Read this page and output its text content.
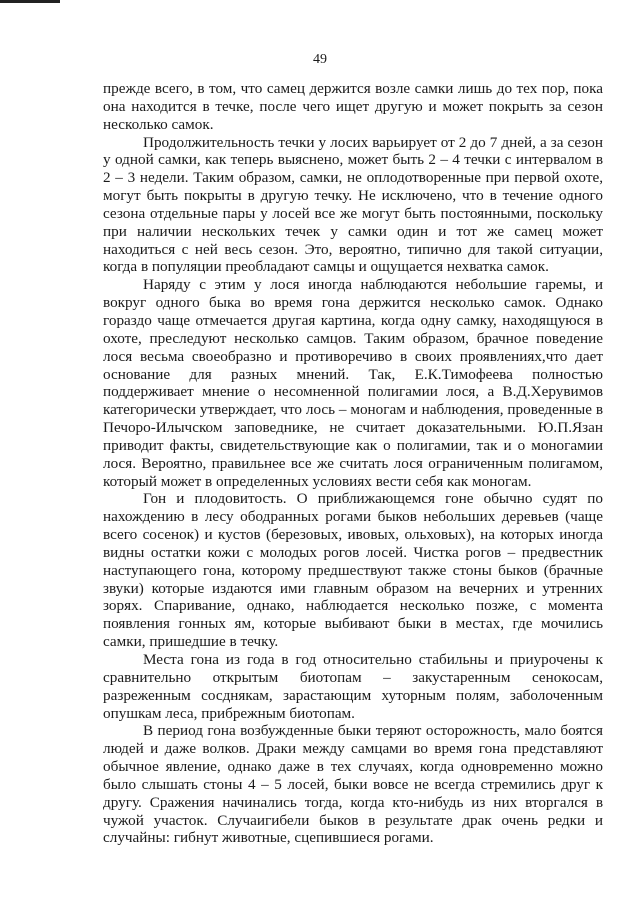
49

прежде всего, в том, что самец держится возле самки лишь до тех пор, пока она находится в течке, после чего ищет другую и может покрыть за сезон несколько самок.

Продолжительность течки у лосих варьирует от 2 до 7 дней, а за сезон у одной самки, как теперь выяснено, может быть 2 – 4 течки с интервалом в 2 – 3 недели. Таким образом, самки, не оплодотворенные при первой охоте, могут быть покрыты в другую течку. Не исключено, что в течение одного сезона отдельные пары у лосей все же могут быть постоянными, поскольку при наличии нескольких течек у самки один и тот же самец может находиться с ней весь сезон. Это, вероятно, типично для такой ситуации, когда в популяции преобладают самцы и ощущается нехватка самок.

Наряду с этим у лося иногда наблюдаются небольшие гаремы, и вокруг одного быка во время гона держится несколько самок. Однако гораздо чаще отмечается другая картина, когда одну самку, находящуюся в охоте, преследуют несколько самцов. Таким образом, брачное поведение лося весьма своеобразно и противоречиво в своих проявлениях,что дает основание для разных мнений. Так, Е.К.Тимофеева полностью поддерживает мнение о несомненной полигамии лося, а В.Д.Херувимов категорически утверждает, что лось – моногам и наблюдения, проведенные в Печоро-Илычском заповеднике, не считает доказательными. Ю.П.Язан приводит факты, свидетельствующие как о полигамии, так и о моногамии лося. Вероятно, правильнее все же считать лося ограниченным полигамом, который может в определенных условиях вести себя как моногам.

Гон и плодовитость. О приближающемся гоне обычно судят по нахождению в лесу ободранных рогами быков небольших деревьев (чаще всего сосенок) и кустов (березовых, ивовых, ольховых), на которых иногда видны остатки кожи с молодых рогов лосей. Чистка рогов – предвестник наступающего гона, которому предшествуют также стоны быков (брачные звуки) которые издаются ими главным образом на вечерних и утренних зорях. Спаривание, однако, наблюдается несколько позже, с момента появления гонных ям, которые выбивают быки в местах, где мочились самки, пришедшие в течку.

Места гона из года в год относительно стабильны и приурочены к сравнительно открытым биотопам – закустаренным сенокосам, разреженным сосднякам, зарастающим хуторным полям, заболоченным опушкам леса, прибрежным биотопам.

В период гона возбужденные быки теряют осторожность, мало боятся людей и даже волков. Драки между самцами во время гона представляют обычное явление, однако даже в тех случаях, когда одновременно можно было слышать стоны 4 – 5 лосей, быки вовсе не всегда стремились друг к другу. Сражения начинались тогда, когда кто-нибудь из них вторгался в чужой участок. Случаигибели быков в результате драк очень редки и случайны: гибнут животные, сцепившиеся рогами.
